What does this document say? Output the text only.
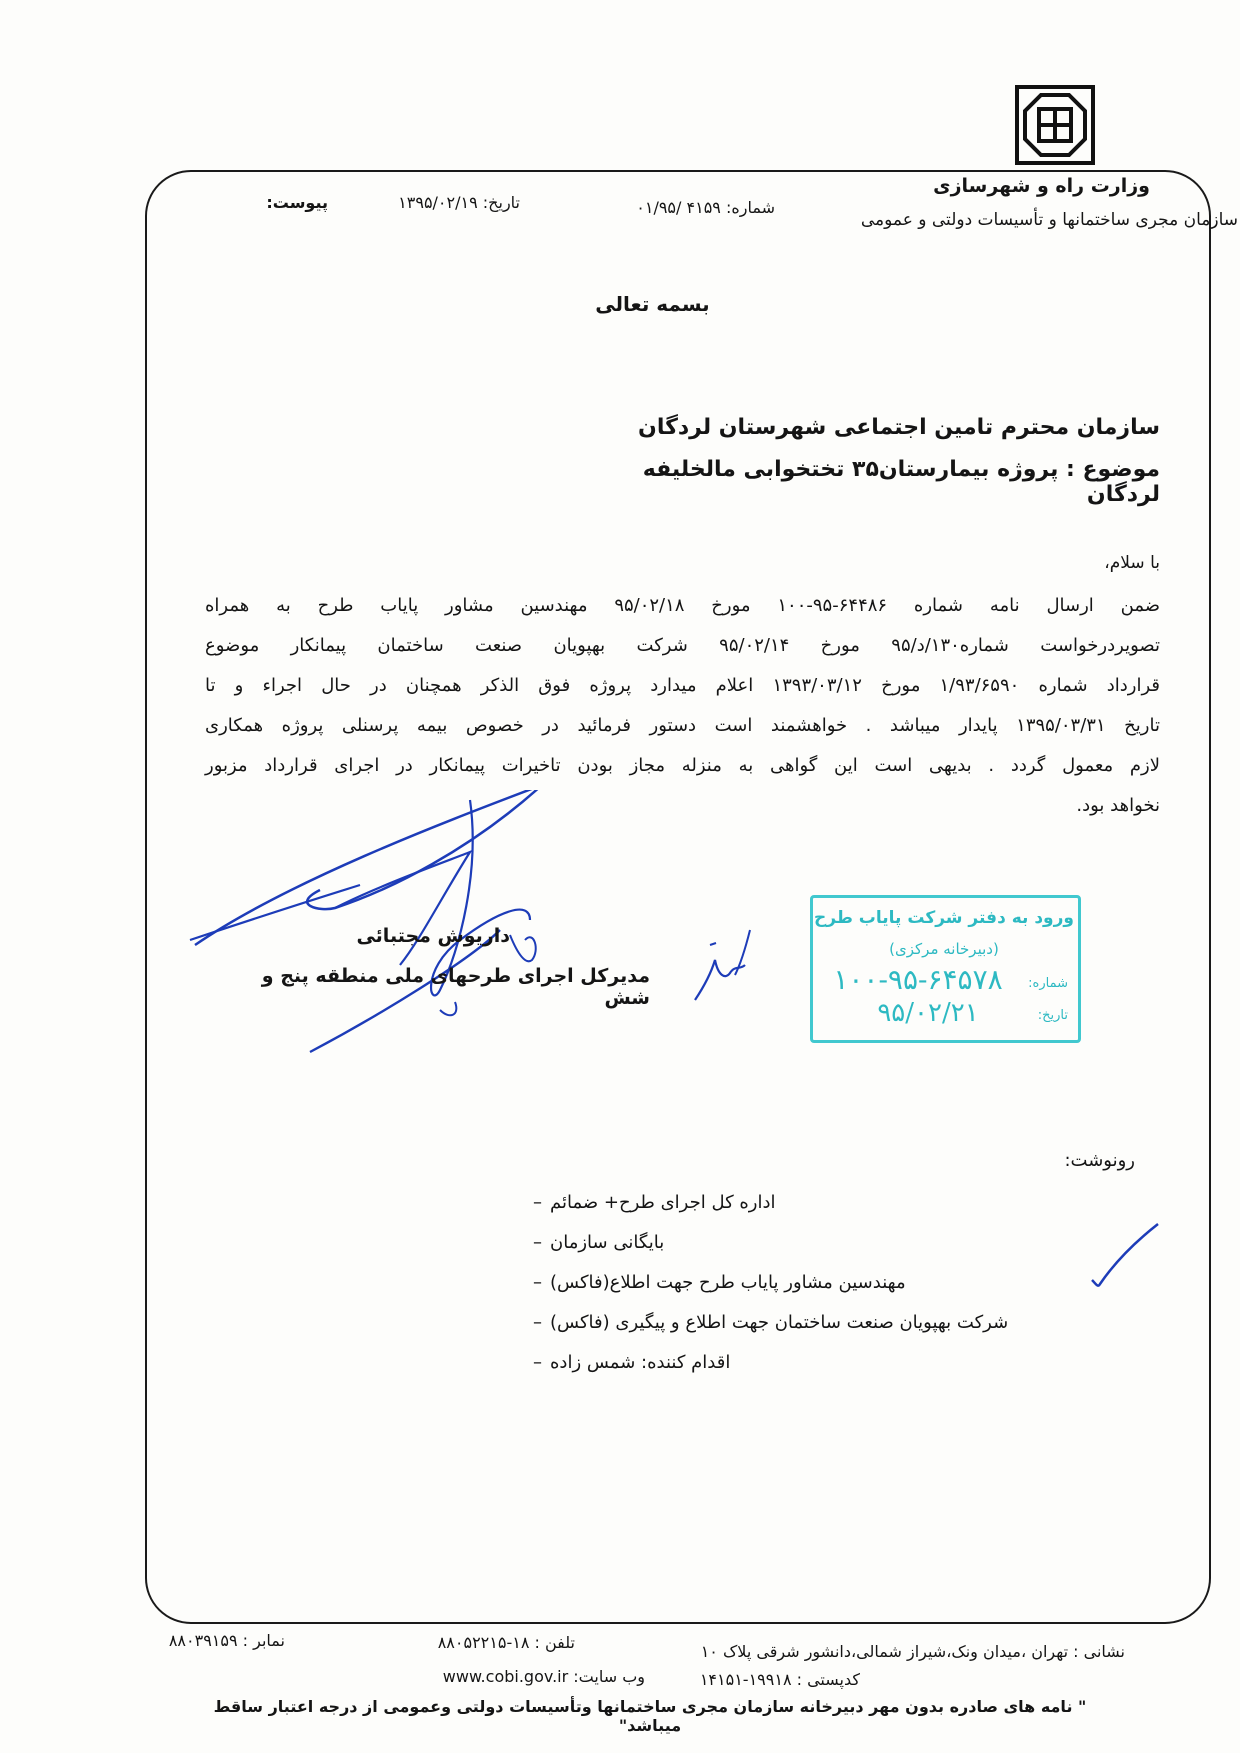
وزارت راه و شهرسازی
سازمان مجری ساختمانها و تأسیسات دولتی و عمومی
شماره: ۴۱۵۹ /۰۱/۹۵
تاریخ: ۱۳۹۵/۰۲/۱۹
پیوست:
بسمه تعالی
سازمان محترم تامین اجتماعی شهرستان لردگان
موضوع : پروژه بیمارستان۳۵ تختخوابی مالخلیفه لردگان
با سلام،
ضمن ارسال نامه شماره ۶۴۴۸۶-۹۵-۱۰۰ مورخ ۹۵/۰۲/۱۸ مهندسین مشاور پایاب طرح به همراه
تصویردرخواست شماره۱۳۰/د/۹۵ مورخ ۹۵/۰۲/۱۴ شرکت بهپویان صنعت ساختمان پیمانکار موضوع
قرارداد شماره ۱/۹۳/۶۵۹۰ مورخ ۱۳۹۳/۰۳/۱۲ اعلام میدارد پروژه فوق الذکر همچنان در حال اجراء و تا
تاریخ ۱۳۹۵/۰۳/۳۱ پایدار میباشد . خواهشمند است دستور فرمائید در خصوص بیمه پرسنلی پروژه همکاری
لازم معمول گردد . بدیهی است این گواهی به منزله مجاز بودن تاخیرات پیمانکار در اجرای قرارداد مزبور
نخواهد بود.
داریوش مجتبائی
مدیرکل اجرای طرحهای ملی منطقه پنج و شش
ورود به دفتر شرکت پایاب طرح
(دبیرخانه مرکزی)
شماره:
۱۰۰-۹۵-۶۴۵۷۸
تاریخ:
۹۵/۰۲/۲۱
رونوشت:
– اداره کل اجرای طرح+ ضمائم
– بایگانی سازمان
– مهندسین مشاور پایاب طرح جهت اطلاع(فاکس)
– شرکت بهپویان صنعت ساختمان جهت اطلاع و پیگیری (فاکس)
– اقدام کننده: شمس زاده
نشانی : تهران ،میدان ونک،شیراز شمالی،دانشور شرقی پلاک ۱۰
تلفن : ۱۸-۸۸۰۵۲۲۱۵
نمابر : ۸۸۰۳۹۱۵۹
کدپستی : ۱۹۹۱۸-۱۴۱۵۱
وب سایت: www.cobi.gov.ir
" نامه های صادره بدون مهر دبیرخانه سازمان مجری ساختمانها وتأسیسات دولتی وعمومی از درجه اعتبار ساقط میباشد"
